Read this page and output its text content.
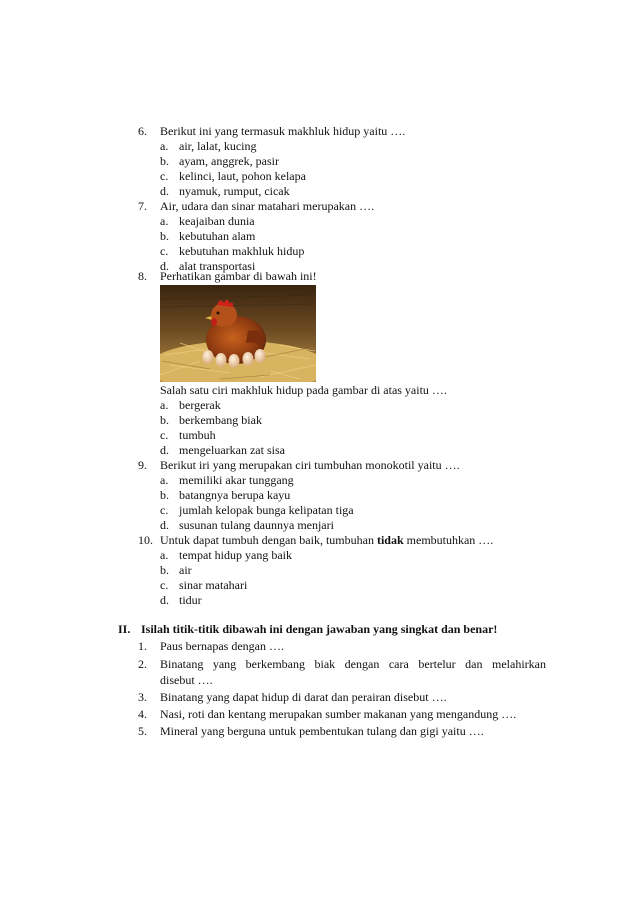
6.	Berikut ini yang termasuk makhluk hidup yaitu ….
a. air, lalat, kucing
b. ayam, anggrek, pasir
c. kelinci, laut, pohon kelapa
d. nyamuk, rumput, cicak
7.	Air, udara dan sinar matahari merupakan ….
a. keajaiban dunia
b. kebutuhan alam
c. kebutuhan makhluk hidup
d. alat transportasi
8.	Perhatikan gambar di bawah ini!
Salah satu ciri makhluk hidup pada gambar di atas yaitu ….
a. bergerak
b. berkembang biak
c. tumbuh
d. mengeluarkan zat sisa
9.	Berikut iri yang merupakan ciri tumbuhan monokotil yaitu ….
a. memiliki akar tunggang
b. batangnya berupa kayu
c. jumlah kelopak bunga kelipatan tiga
d. susunan tulang daunnya menjari
10. Untuk dapat tumbuh dengan baik, tumbuhan tidak membutuhkan ….
a. tempat hidup yang baik
b. air
c. sinar matahari
d. tidur
II. Isilah titik-titik dibawah ini dengan jawaban yang singkat dan benar!
1. Paus bernapas dengan ….
2.	Binatang yang berkembang biak dengan cara bertelur dan melahirkan
disebut ….
3. Binatang yang dapat hidup di darat dan perairan disebut ….
4. Nasi, roti dan kentang merupakan sumber makanan yang mengandung ….
5. Mineral yang berguna untuk pembentukan tulang dan gigi yaitu ….
